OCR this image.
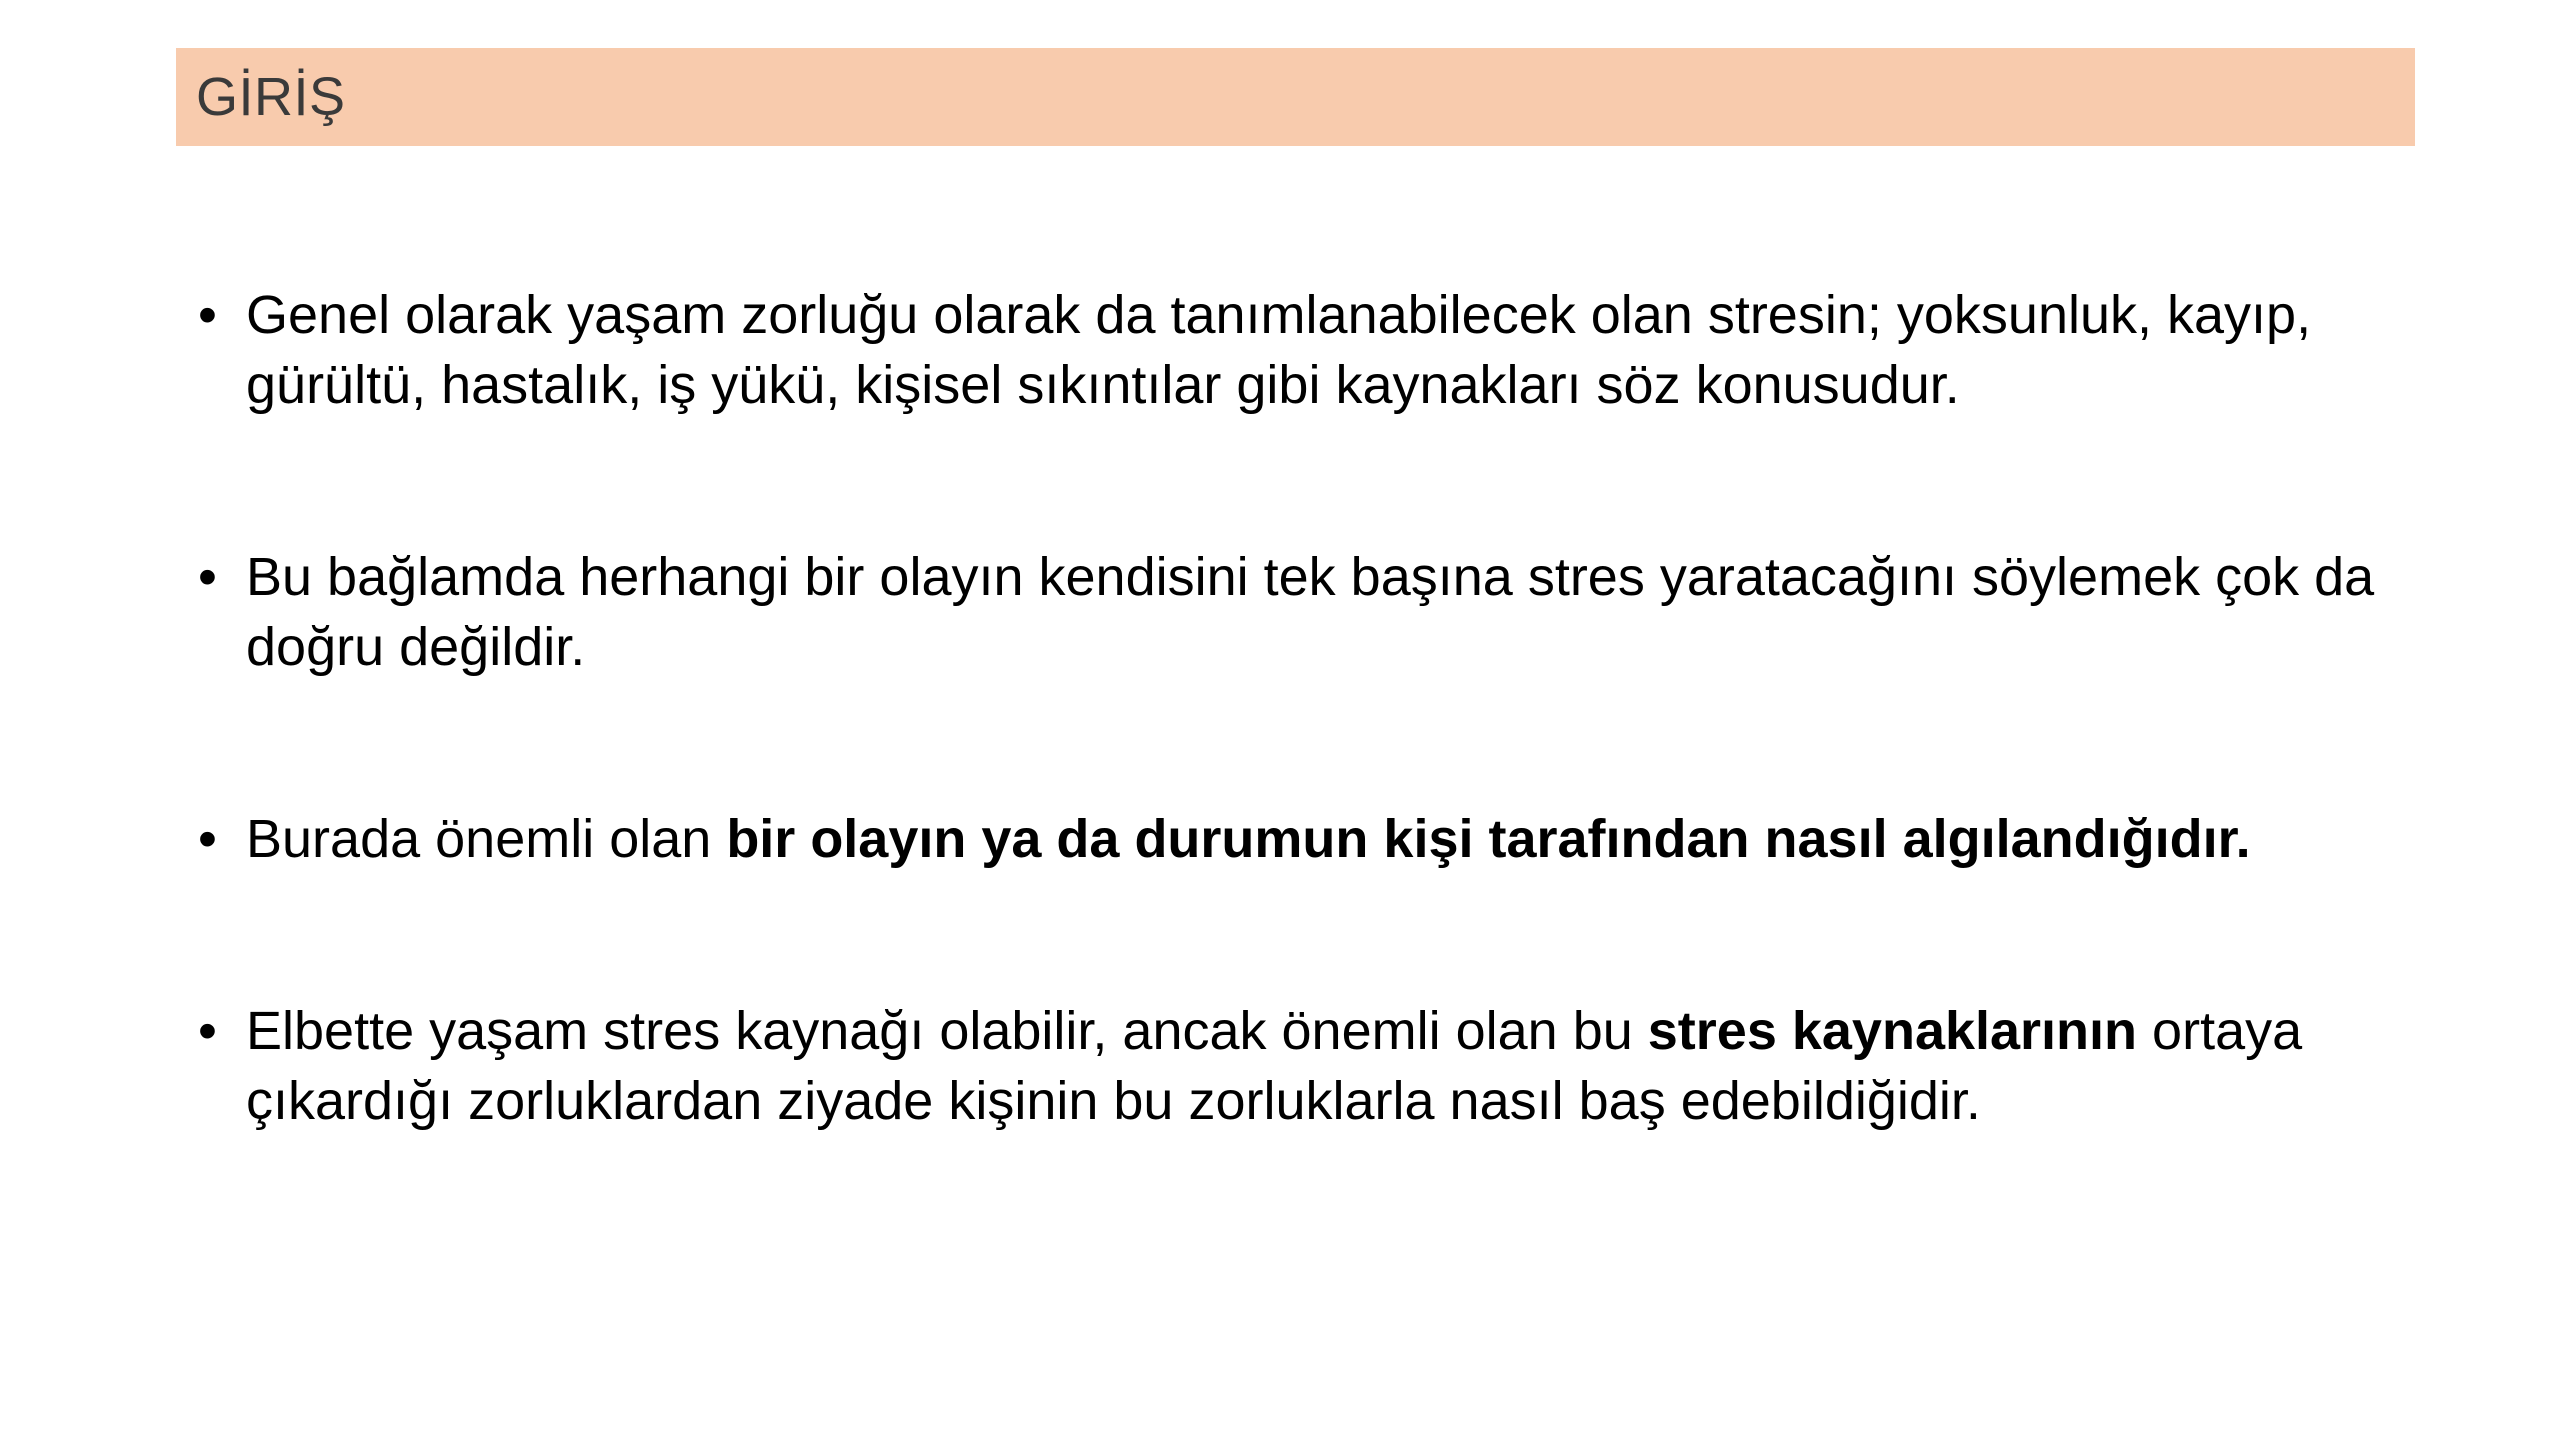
GİRİŞ
• Genel olarak yaşam zorluğu olarak da tanımlanabilecek olan stresin; yoksunluk, kayıp, gürültü, hastalık, iş yükü, kişisel sıkıntılar gibi kaynakları söz konusudur.
• Bu bağlamda herhangi bir olayın kendisini tek başına stres yaratacağını söylemek çok da doğru değildir.
• Burada önemli olan bir olayın ya da durumun kişi tarafından nasıl algılandığıdır.
• Elbette yaşam stres kaynağı olabilir, ancak önemli olan bu stres kaynaklarının ortaya çıkardığı zorluklardan ziyade kişinin bu zorluklarla nasıl baş edebildiğidir.
